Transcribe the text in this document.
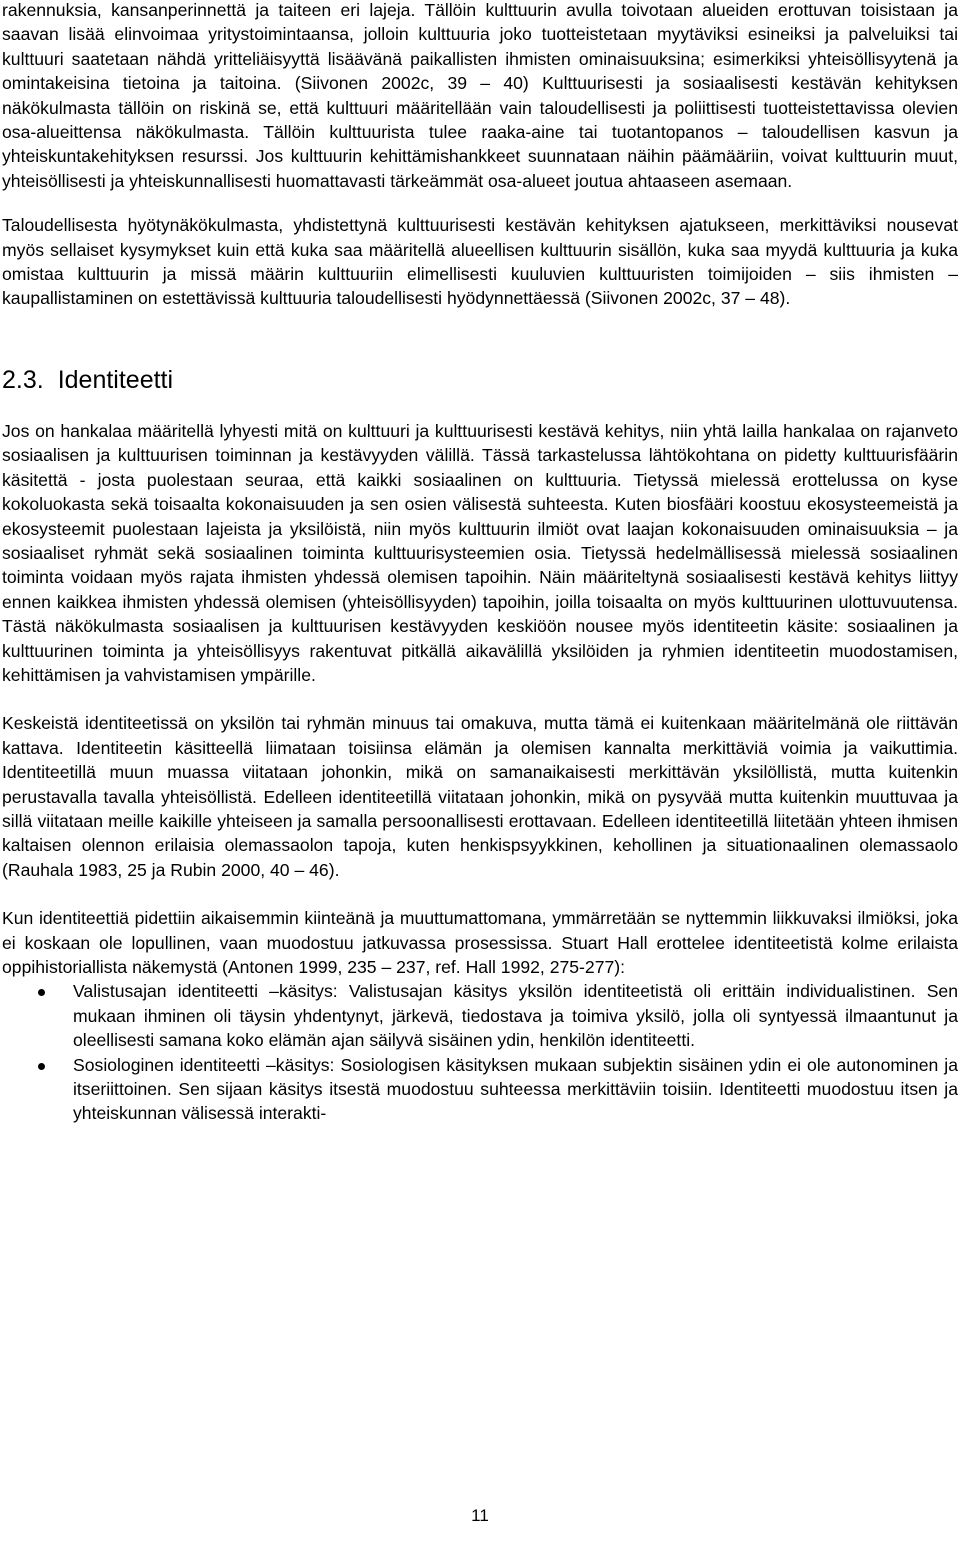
rakennuksia, kansanperinnettä ja taiteen eri lajeja. Tällöin kulttuurin avulla toivotaan alueiden erottuvan toisistaan ja saavan lisää elinvoimaa yritystoimintaansa, jolloin kulttuuria joko tuotteistetaan myytäviksi esineiksi ja palveluiksi tai kulttuuri saatetaan nähdä yritteliäisyyttä lisäävänä paikallisten ihmisten ominaisuuksina; esimerkiksi yhteisöllisyytenä ja omintakeisina tietoina ja taitoina. (Siivonen 2002c, 39 – 40) Kulttuurisesti ja sosiaalisesti kestävän kehityksen näkökulmasta tällöin on riskinä se, että kulttuuri määritellään vain taloudellisesti ja poliittisesti tuotteistettavissa olevien osa-alueittensa näkökulmasta. Tällöin kulttuurista tulee raaka-aine tai tuotantopanos – taloudellisen kasvun ja yhteiskuntakehityksen resurssi. Jos kulttuurin kehittämishankkeet suunnataan näihin päämääriin, voivat kulttuurin muut, yhteisöllisesti ja yhteiskunnallisesti huomattavasti tärkeämmät osa-alueet joutua ahtaaseen asemaan.

Taloudellisesta hyötynäkökulmasta, yhdistettynä kulttuurisesti kestävän kehityksen ajatukseen, merkittäviksi nousevat myös sellaiset kysymykset kuin että kuka saa määritellä alueellisen kulttuurin sisällön, kuka saa myydä kulttuuria ja kuka omistaa kulttuurin ja missä määrin kulttuuriin elimellisesti kuuluvien kulttuuristen toimijoiden – siis ihmisten – kaupallistaminen on estettävissä kulttuuria taloudellisesti hyödynnettäessä (Siivonen 2002c, 37 – 48).

2.3. Identiteetti

Jos on hankalaa määritellä lyhyesti mitä on kulttuuri ja kulttuurisesti kestävä kehitys, niin yhtä lailla hankalaa on rajanveto sosiaalisen ja kulttuurisen toiminnan ja kestävyyden välillä. Tässä tarkastelussa lähtökohtana on pidetty kulttuurisfäärin käsitettä - josta puolestaan seuraa, että kaikki sosiaalinen on kulttuuria. Tietyssä mielessä erottelussa on kyse kokoluokasta sekä toisaalta kokonaisuuden ja sen osien välisestä suhteesta. Kuten biosfääri koostuu ekosysteemeistä ja ekosysteemit puolestaan lajeista ja yksilöistä, niin myös kulttuurin ilmiöt ovat laajan kokonaisuuden ominaisuuksia – ja sosiaaliset ryhmät sekä sosiaalinen toiminta kulttuurisysteemien osia. Tietyssä hedelmällisessä mielessä sosiaalinen toiminta voidaan myös rajata ihmisten yhdessä olemisen tapoihin. Näin määriteltynä sosiaalisesti kestävä kehitys liittyy ennen kaikkea ihmisten yhdessä olemisen (yhteisöllisyyden) tapoihin, joilla toisaalta on myös kulttuurinen ulottuvuutensa. Tästä näkökulmasta sosiaalisen ja kulttuurisen kestävyyden keskiöön nousee myös identiteetin käsite: sosiaalinen ja kulttuurinen toiminta ja yhteisöllisyys rakentuvat pitkällä aikavälillä yksilöiden ja ryhmien identiteetin muodostamisen, kehittämisen ja vahvistamisen ympärille.

Keskeistä identiteetissä on yksilön tai ryhmän minuus tai omakuva, mutta tämä ei kuitenkaan määritelmänä ole riittävän kattava. Identiteetin käsitteellä liimataan toisiinsa elämän ja olemisen kannalta merkittäviä voimia ja vaikuttimia. Identiteetillä muun muassa viitataan johonkin, mikä on samanaikaisesti merkittävän yksilöllistä, mutta kuitenkin perustavalla tavalla yhteisöllistä. Edelleen identiteetillä viitataan johonkin, mikä on pysyvää mutta kuitenkin muuttuvaa ja sillä viitataan meille kaikille yhteiseen ja samalla persoonallisesti erottavaan. Edelleen identiteetillä liitetään yhteen ihmisen kaltaisen olennon erilaisia olemassaolon tapoja, kuten henkispsyykkinen, kehollinen ja situationaalinen olemassaolo (Rauhala 1983, 25 ja Rubin 2000, 40 – 46).

Kun identiteettiä pidettiin aikaisemmin kiinteänä ja muuttumattomana, ymmärretään se nyttemmin liikkuvaksi ilmiöksi, joka ei koskaan ole lopullinen, vaan muodostuu jatkuvassa prosessissa. Stuart Hall erottelee identiteetistä kolme erilaista oppihistoriallista näkemystä (Antonen 1999, 235 – 237, ref. Hall 1992, 275-277):

Valistusajan identiteetti –käsitys: Valistusajan käsitys yksilön identiteetistä oli erittäin individualistinen. Sen mukaan ihminen oli täysin yhdentynyt, järkevä, tiedostava ja toimiva yksilö, jolla oli syntyessä ilmaantunut ja oleellisesti samana koko elämän ajan säilyvä sisäinen ydin, henkilön identiteetti.
Sosiologinen identiteetti –käsitys: Sosiologisen käsityksen mukaan subjektin sisäinen ydin ei ole autonominen ja itseriittoinen. Sen sijaan käsitys itsestä muodostuu suhteessa merkittäviin toisiin. Identiteetti muodostuu itsen ja yhteiskunnan välisessä interakti-
11
